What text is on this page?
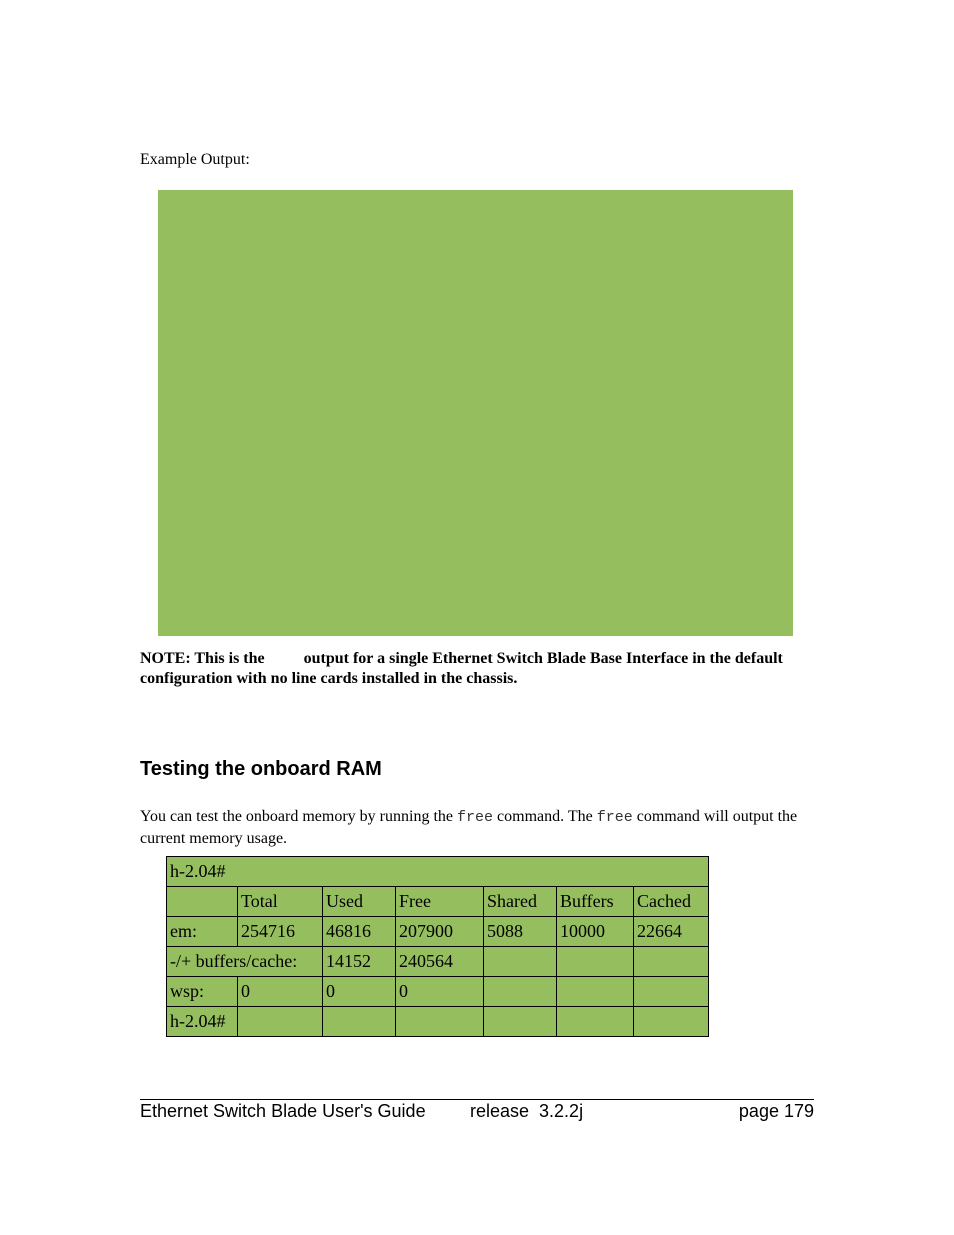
Example Output:
NOTE: This is the output for a single Ethernet Switch Blade Base Interface in the default configuration with no line cards installed in the chassis.
Testing the onboard RAM
You can test the onboard memory by running the free command. The free command will output the current memory usage.
h-2.04#						
	Total	Used	Free	Shared	Buffers	Cached
em:	254716	46816	207900	5088	10000	22664
-/+ buffers/cache:		14152	240564			
wsp:	0	0	0			
h-2.04#						
Ethernet Switch Blade User's Guide release  3.2.2j	page 179
